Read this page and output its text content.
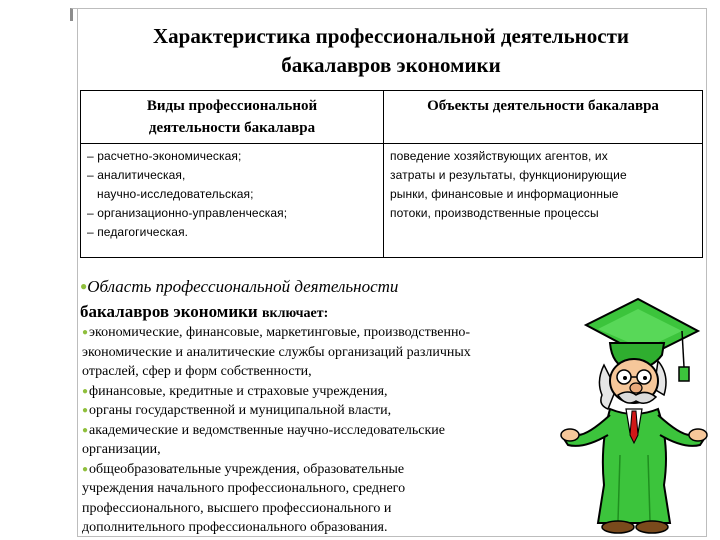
Характеристика профессиональной деятельности
бакалавров экономики
Виды профессиональной
деятельности бакалавра	Объекты деятельности бакалавра

– расчетно-экономическая;
– аналитическая,
научно-исследовательская;
– организационно-управленческая;
– педагогическая.	поведение хозяйствующих агентов, их
затраты и результаты, функционирующие
рынки, финансовые и информационные
потоки, производственные процессы
●Область профессиональной деятельности
бакалавров экономики включает:
●экономические, финансовые, маркетинговые, производственно-
экономические и аналитические службы организаций различных
отраслей, сфер и форм собственности,
●финансовые, кредитные и страховые учреждения,
●органы государственной и муниципальной власти,
●академические и ведомственные научно-исследовательские
организации,
●общеобразовательные учреждения, образовательные
учреждения начального профессионального, среднего
профессионального, высшего профессионального и
дополнительного профессионального образования.
